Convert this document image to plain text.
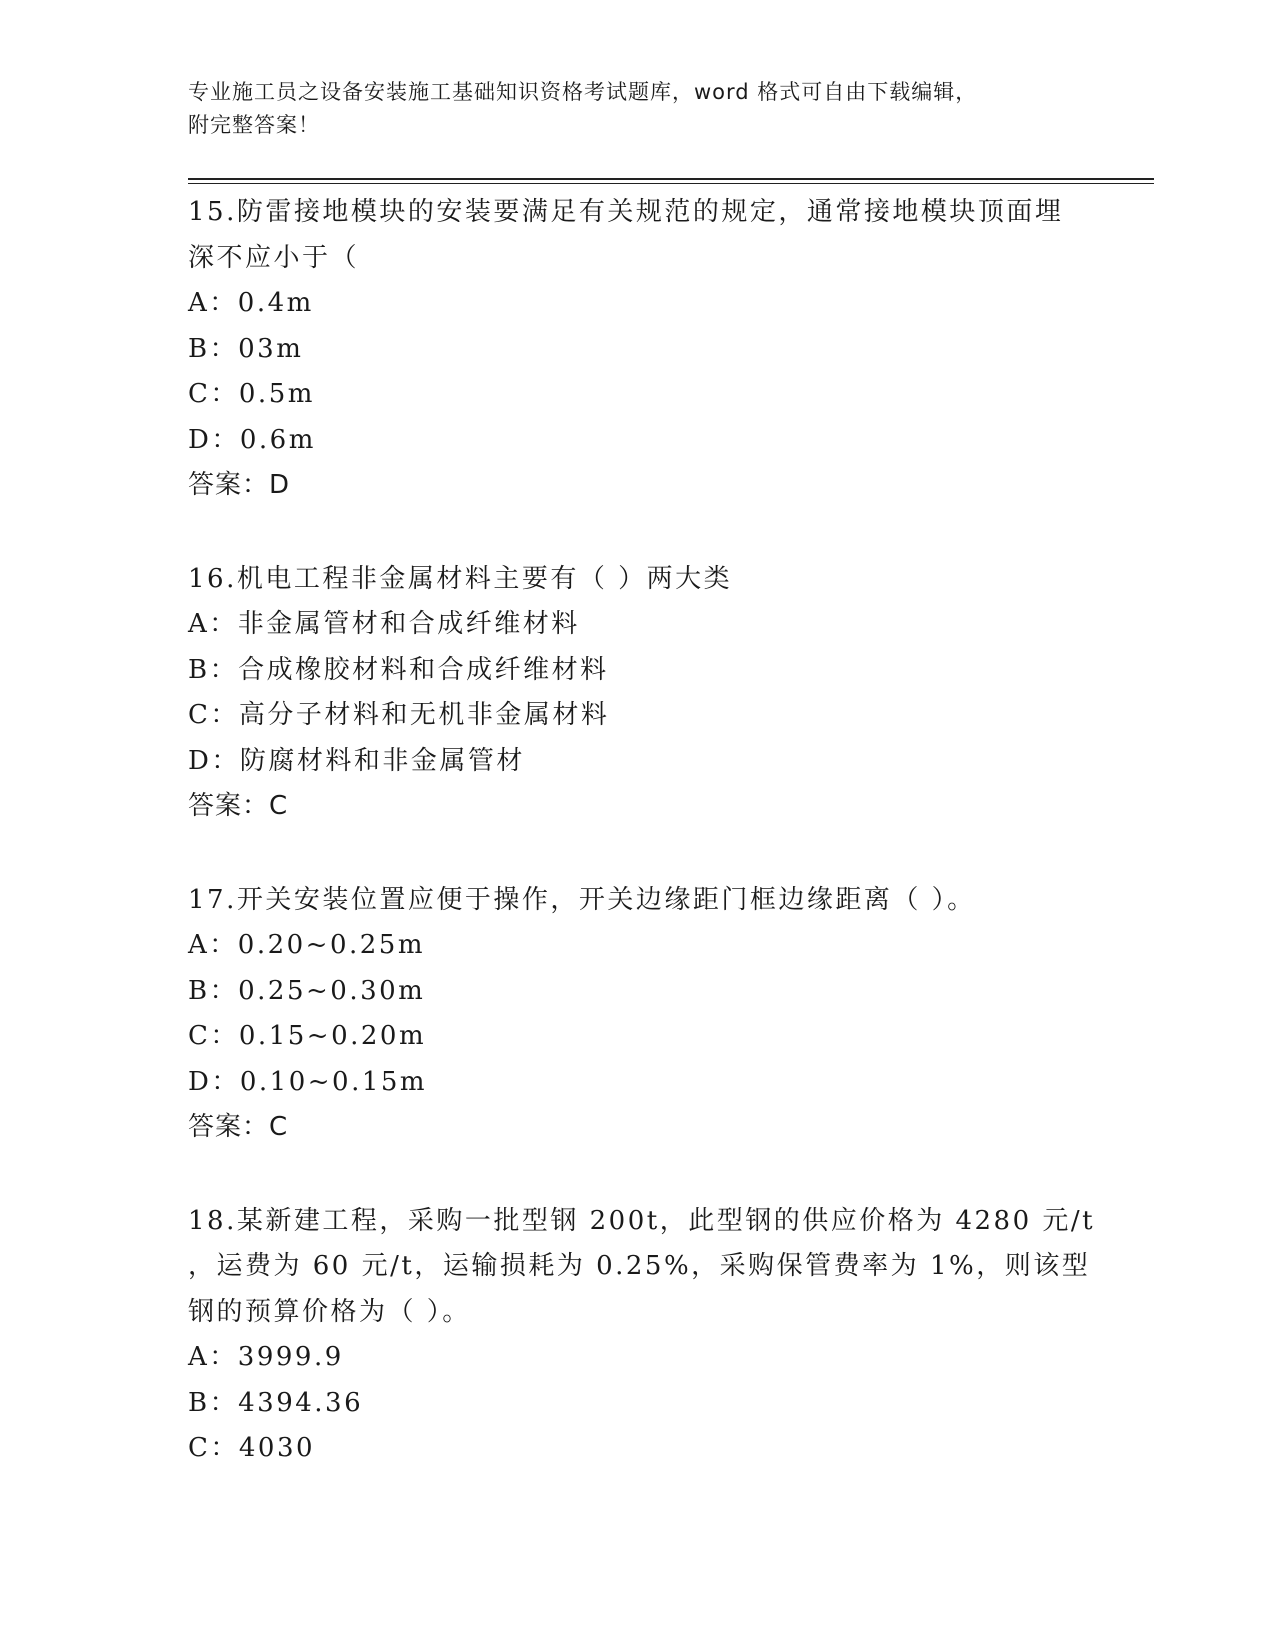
专业施工员之设备安装施工基础知识资格考试题库，word 格式可自由下载编辑，
附完整答案！
15.防雷接地模块的安装要满足有关规范的规定，通常接地模块顶面埋
深不应小于（
A：0.4m
B：03m
C：0.5m
D：0.6m
答案：D
16.机电工程非金属材料主要有（ ）两大类
A：非金属管材和合成纤维材料
B：合成橡胶材料和合成纤维材料
C：高分子材料和无机非金属材料
D：防腐材料和非金属管材
答案：C
17.开关安装位置应便于操作，开关边缘距门框边缘距离（ ）。
A：0.20~0.25m
B：0.25~0.30m
C：0.15~0.20m
D：0.10~0.15m
答案：C
18.某新建工程，采购一批型钢 200t，此型钢的供应价格为 4280 元/t
，运费为 60 元/t，运输损耗为 0.25%，采购保管费率为 1%，则该型
钢的预算价格为（ ）。
A：3999.9
B：4394.36
C：4030
